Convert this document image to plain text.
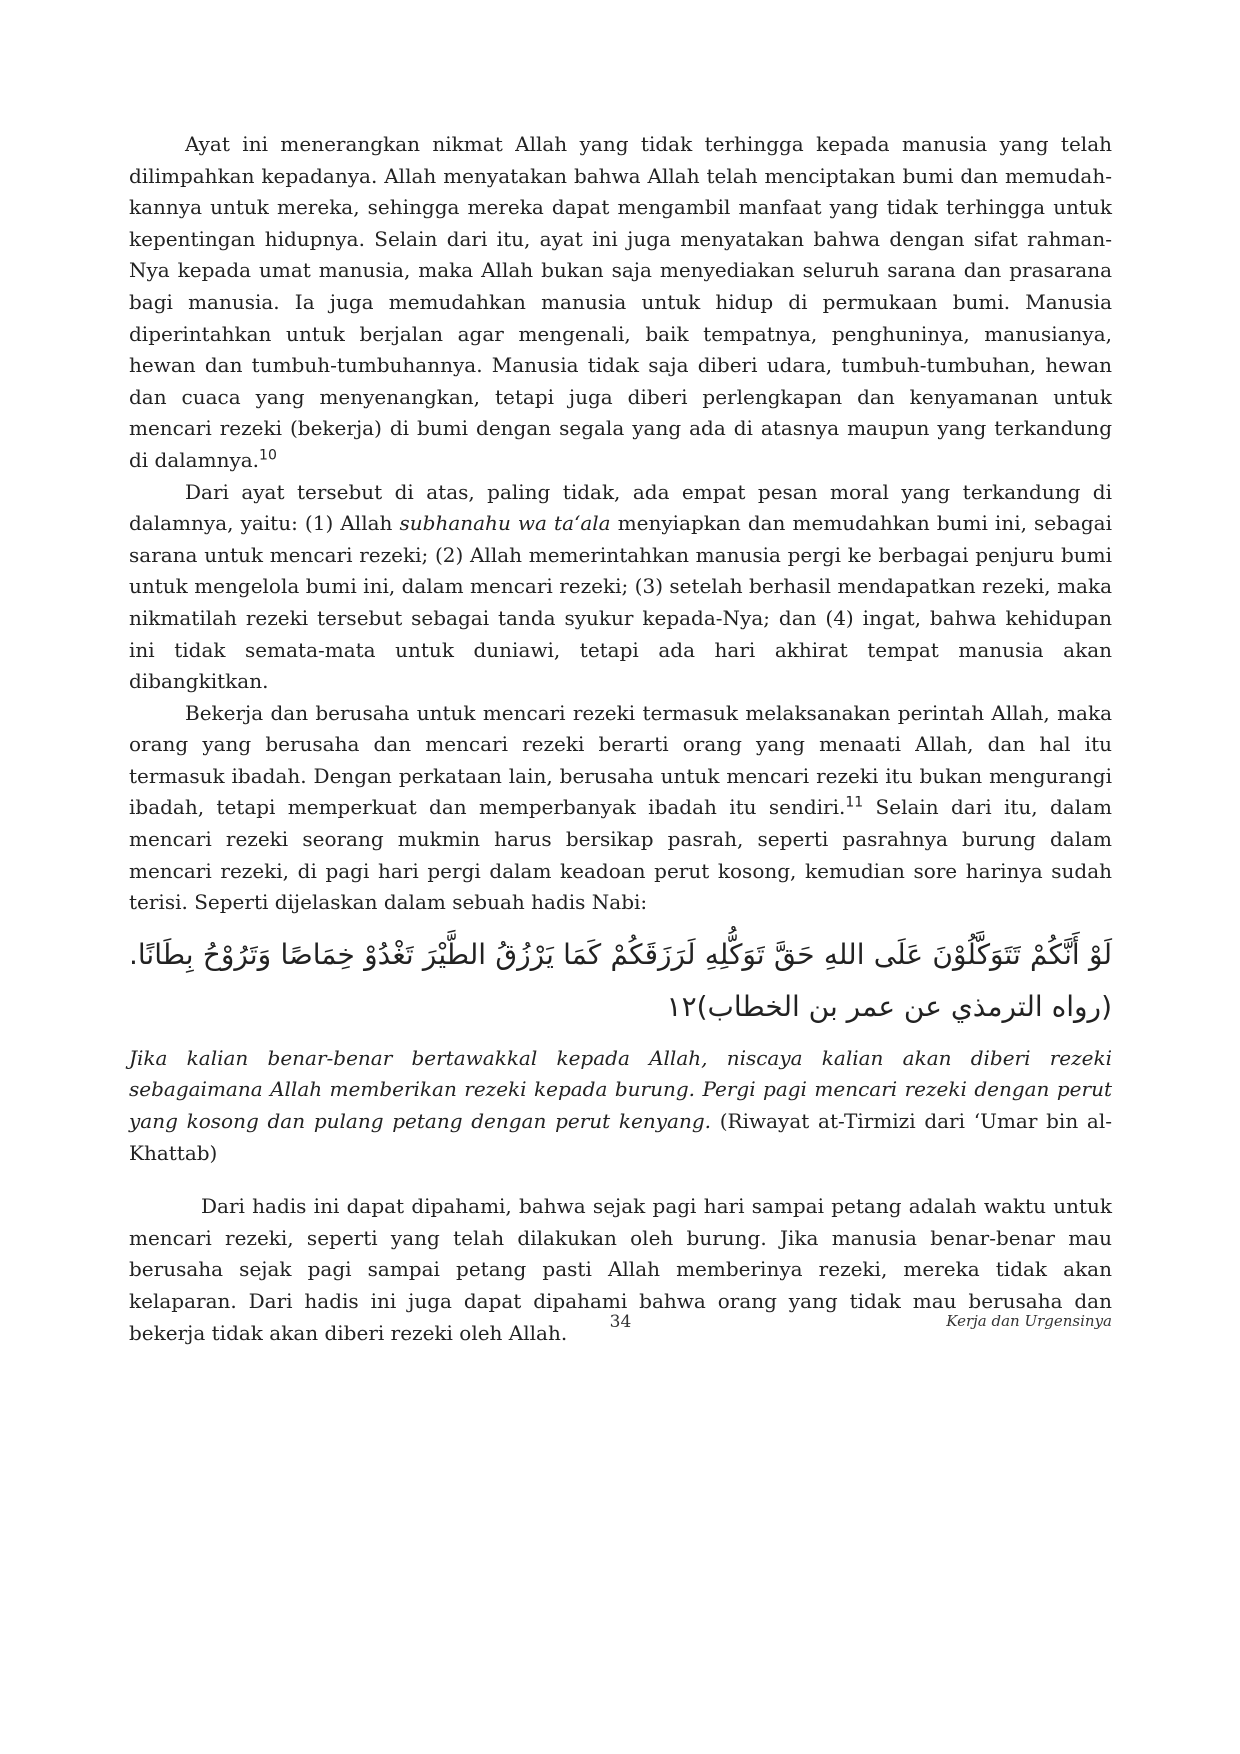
Ayat ini menerangkan nikmat Allah yang tidak terhingga kepada manusia yang telah dilimpahkan kepadanya. Allah menyatakan bahwa Allah telah menciptakan bumi dan memudahkannya untuk mereka, sehingga mereka dapat mengambil manfaat yang tidak terhingga untuk kepentingan hidupnya. Selain dari itu, ayat ini juga menyatakan bahwa dengan sifat rahman-Nya kepada umat manusia, maka Allah bukan saja menyediakan seluruh sarana dan prasarana bagi manusia. Ia juga memudahkan manusia untuk hidup di permukaan bumi. Manusia diperintahkan untuk berjalan agar mengenali, baik tempatnya, penghuninya, manusianya, hewan dan tumbuh-tumbuhannya. Manusia tidak saja diberi udara, tumbuh-tumbuhan, hewan dan cuaca yang menyenangkan, tetapi juga diberi perlengkapan dan kenyamanan untuk mencari rezeki (bekerja) di bumi dengan segala yang ada di atasnya maupun yang terkandung di dalamnya.$^{10}$

Dari ayat tersebut di atas, paling tidak, ada empat pesan moral yang terkandung di dalamnya, yaitu: (1) Allah subhanahu wa ta‘ala menyiapkan dan memudahkan bumi ini, sebagai sarana untuk mencari rezeki; (2) Allah memerintahkan manusia pergi ke berbagai penjuru bumi untuk mengelola bumi ini, dalam mencari rezeki; (3) setelah berhasil mendapatkan rezeki, maka nikmatilah rezeki tersebut sebagai tanda syukur kepada-Nya; dan (4) ingat, bahwa kehidupan ini tidak semata-mata untuk duniawi, tetapi ada hari akhirat tempat manusia akan dibangkitkan.

Bekerja dan berusaha untuk mencari rezeki termasuk melaksanakan perintah Allah, maka orang yang berusaha dan mencari rezeki berarti orang yang menaati Allah, dan hal itu termasuk ibadah. Dengan perkataan lain, berusaha untuk mencari rezeki itu bukan mengurangi ibadah, tetapi memperkuat dan memperbanyak ibadah itu sendiri.$^{11}$ Selain dari itu, dalam mencari rezeki seorang mukmin harus bersikap pasrah, seperti pasrahnya burung dalam mencari rezeki, di pagi hari pergi dalam keadoan perut kosong, kemudian sore harinya sudah terisi. Seperti dijelaskan dalam sebuah hadis Nabi:

لَوْ أَنَّكُمْ تَتَوَكَّلُوْنَ عَلَى اللهِ حَقَّ تَوَكُّلِهِ لَرَزَقَكُمْ كَمَا يَرْزُقُ الطَّيْرَ تَغْدُوْ خِمَاصًا وَتَرُوْحُ بِطَانًا. (رواه الترمذي عن عمر بن الخطاب)١٢

Jika kalian benar-benar bertawakkal kepada Allah, niscaya kalian akan diberi rezeki sebagaimana Allah memberikan rezeki kepada burung. Pergi pagi mencari rezeki dengan perut yang kosong dan pulang petang dengan perut kenyang. (Riwayat at-Tirmizi dari ‘Umar bin al-Khattab)

Dari hadis ini dapat dipahami, bahwa sejak pagi hari sampai petang adalah waktu untuk mencari rezeki, seperti yang telah dilakukan oleh burung. Jika manusia benar-benar mau berusaha sejak pagi sampai petang pasti Allah memberinya rezeki, mereka tidak akan kelaparan. Dari hadis ini juga dapat dipahami bahwa orang yang tidak mau berusaha dan bekerja tidak akan diberi rezeki oleh Allah.	34	Kerja dan Urgensinya
